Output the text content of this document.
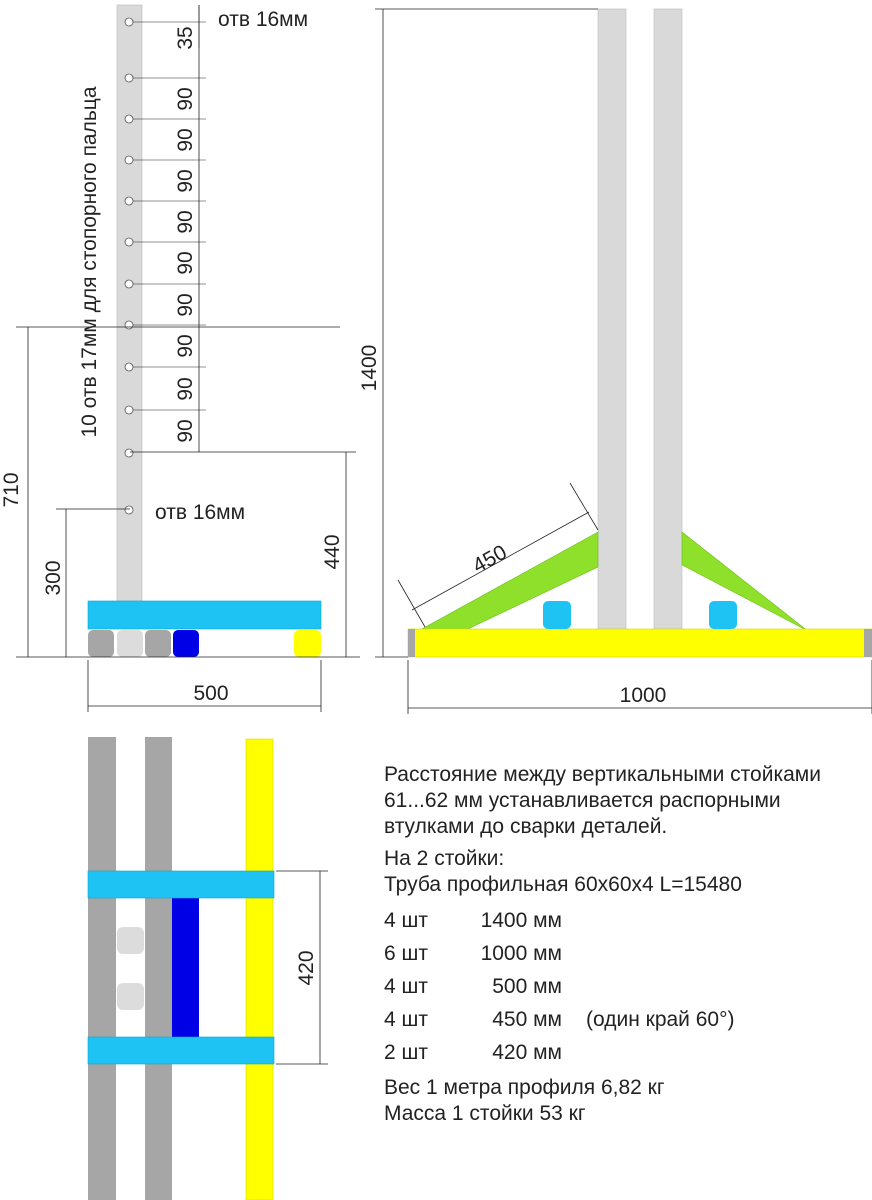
35
90
90
90
90
90
90
90
90
90
отв 16мм
отв 16мм
10 отв 17мм для стопорного пальца
710
300
440
500
1400
450
1000
420

Расстояние между вертикальными стойками 61...62 мм устанавливается распорными втулками до сварки деталей.

На 2 стойки:

Труба профильная 60х60х4 L=15480

4 шт	1400 мм
6 шт	1000 мм
4 шт	500 мм
4 шт	450 мм (один край 60°)
2 шт	420 мм

Вес 1 метра профиля 6,82 кг

Масса 1 стойки 53 кг
